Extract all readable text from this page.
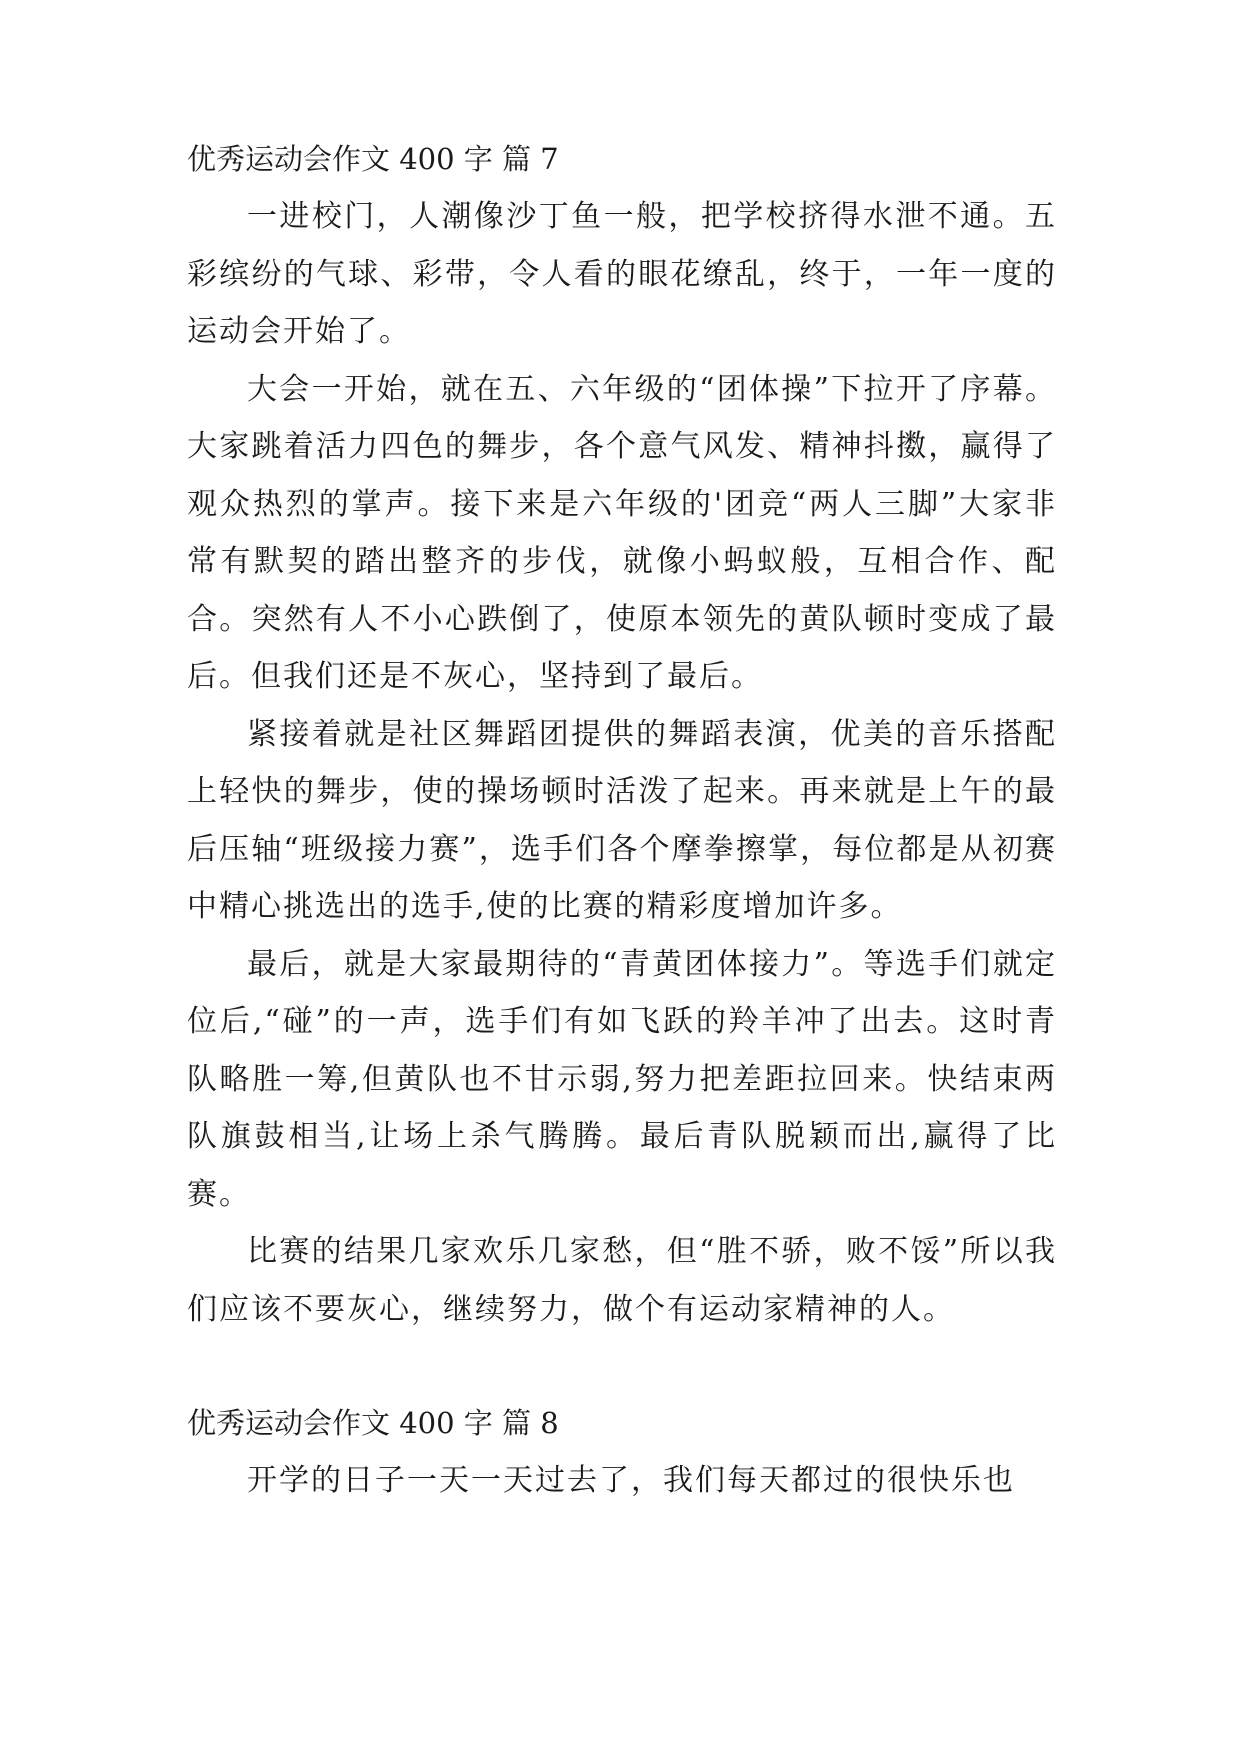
优秀运动会作文 400 字 篇 7

一进校门，人潮像沙丁鱼一般，把学校挤得水泄不通。五彩缤纷的气球、彩带，令人看的眼花缭乱，终于，一年一度的运动会开始了。

大会一开始，就在五、六年级的“团体操”下拉开了序幕。大家跳着活力四色的舞步，各个意气风发、精神抖擞，赢得了观众热烈的掌声。接下来是六年级的'团竞“两人三脚”大家非常有默契的踏出整齐的步伐，就像小蚂蚁般，互相合作、配合。突然有人不小心跌倒了，使原本领先的黄队顿时变成了最后。但我们还是不灰心，坚持到了最后。

紧接着就是社区舞蹈团提供的舞蹈表演，优美的音乐搭配上轻快的舞步，使的操场顿时活泼了起来。再来就是上午的最后压轴“班级接力赛”，选手们各个摩拳擦掌，每位都是从初赛中精心挑选出的选手,使的比赛的精彩度增加许多。

最后，就是大家最期待的“青黄团体接力”。等选手们就定位后,“碰”的一声，选手们有如飞跃的羚羊冲了出去。这时青队略胜一筹,但黄队也不甘示弱,努力把差距拉回来。快结束两队旗鼓相当,让场上杀气腾腾。最后青队脱颖而出,赢得了比赛。

比赛的结果几家欢乐几家愁，但“胜不骄，败不馁”所以我们应该不要灰心，继续努力，做个有运动家精神的人。

优秀运动会作文 400 字 篇 8

开学的日子一天一天过去了，我们每天都过的很快乐也
